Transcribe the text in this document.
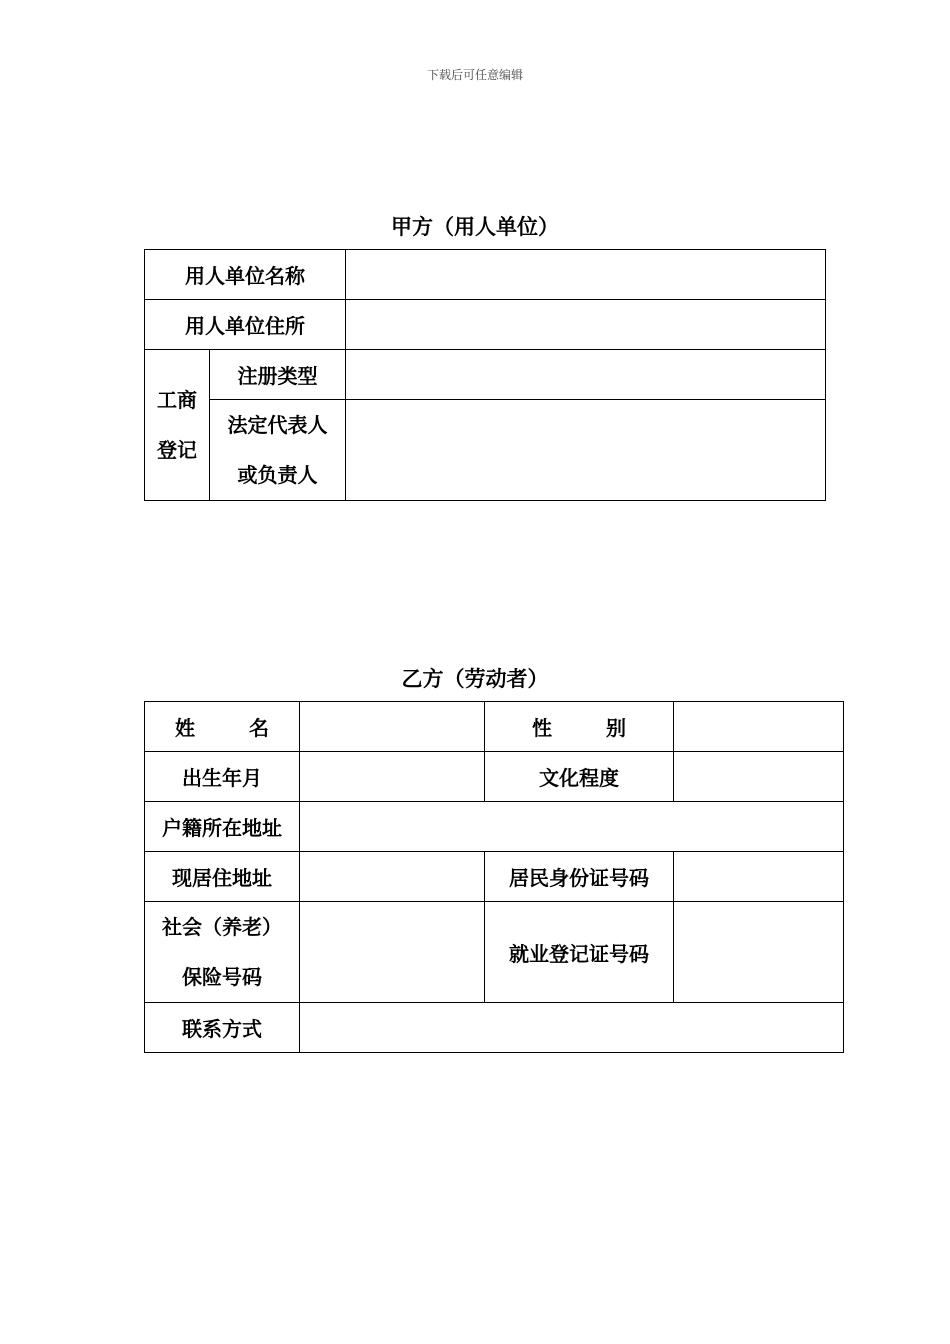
下载后可任意编辑
甲方（用人单位）
用人单位名称		
用人单位住所		

工商
登记	注册类型	

	法定代表人
或负责人	

乙方（劳动者）
姓 名		性 别	
出生年月		文化程度	
户籍所在地址			
现居住地址		居民身份证号码	

社会（养老）
保险号码		就业登记证号码	
联系方式			
